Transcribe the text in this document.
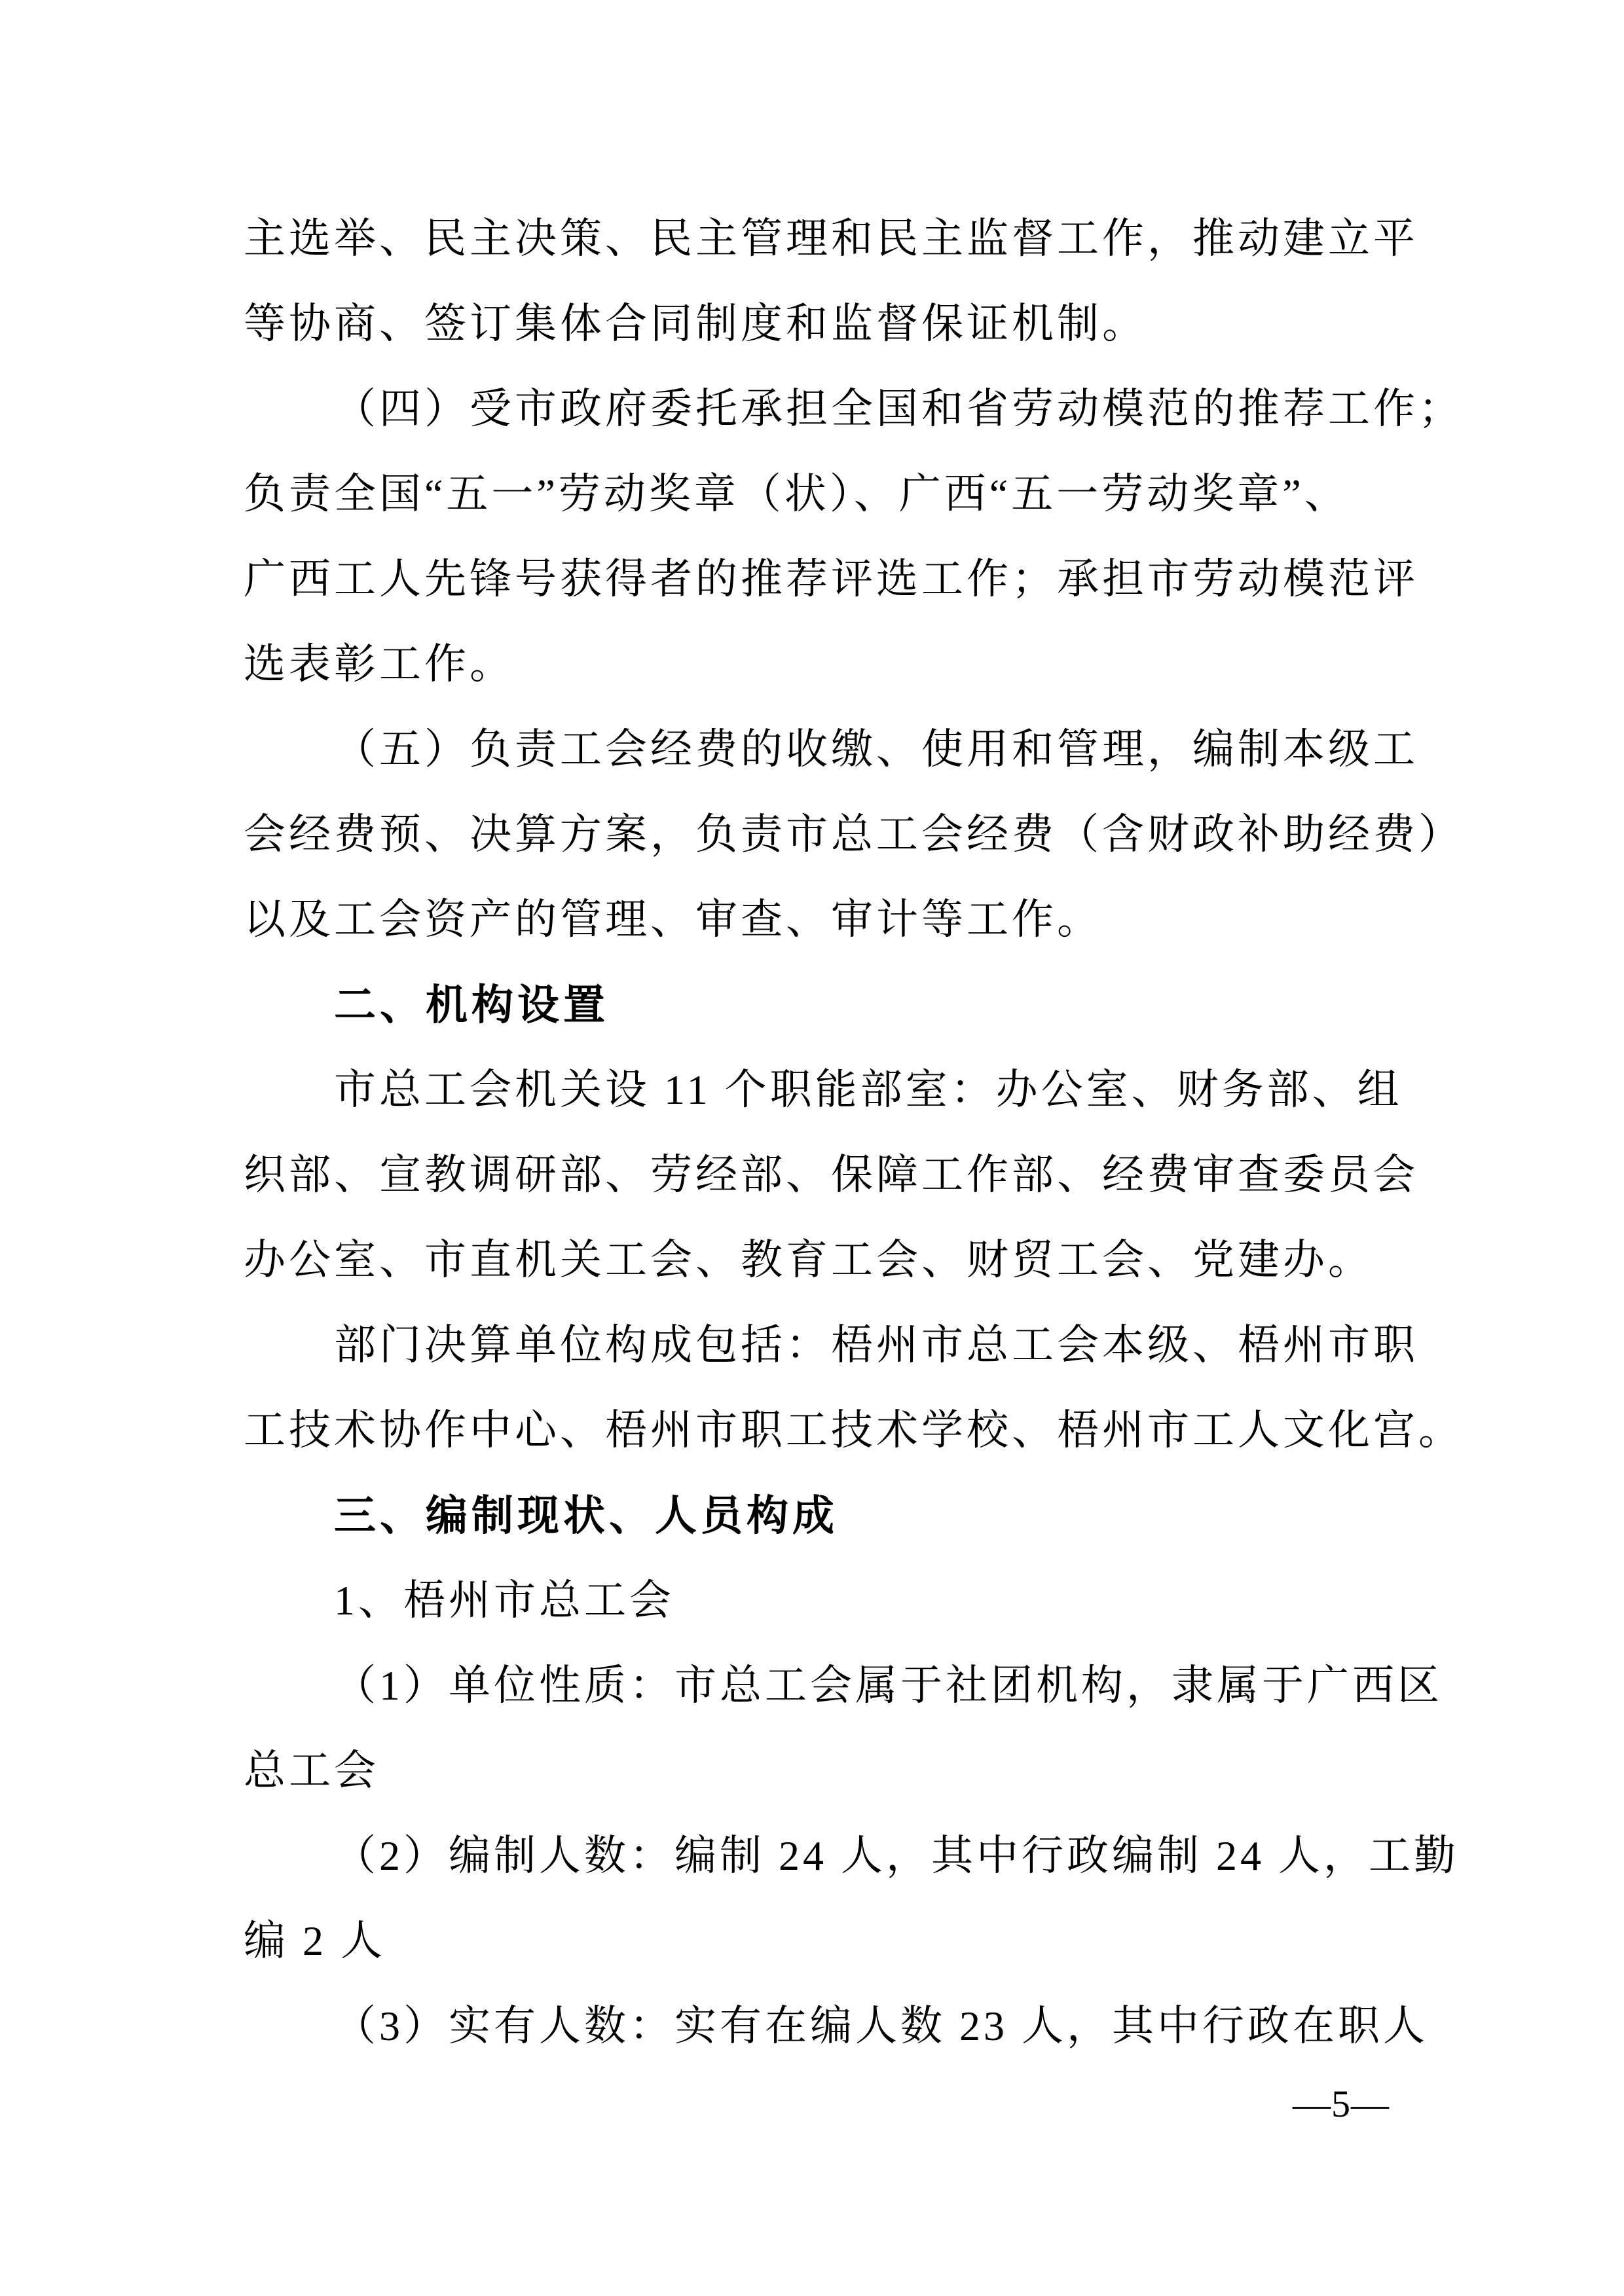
主选举、民主决策、民主管理和民主监督工作，推动建立平
等协商、签订集体合同制度和监督保证机制。
（四）受市政府委托承担全国和省劳动模范的推荐工作；
负责全国“五一”劳动奖章（状）、广西“五一劳动奖章”、
广西工人先锋号获得者的推荐评选工作；承担市劳动模范评
选表彰工作。
（五）负责工会经费的收缴、使用和管理，编制本级工
会经费预、决算方案，负责市总工会经费（含财政补助经费）
以及工会资产的管理、审查、审计等工作。
二、机构设置
市总工会机关设 11 个职能部室：办公室、财务部、组
织部、宣教调研部、劳经部、保障工作部、经费审查委员会
办公室、市直机关工会、教育工会、财贸工会、党建办。
部门决算单位构成包括：梧州市总工会本级、梧州市职
工技术协作中心、梧州市职工技术学校、梧州市工人文化宫。
三、编制现状、人员构成
1、梧州市总工会
（1）单位性质：市总工会属于社团机构，隶属于广西区
总工会
（2）编制人数：编制 24 人，其中行政编制 24 人，工勤
编 2 人
（3）实有人数：实有在编人数 23 人，其中行政在职人
—5—
